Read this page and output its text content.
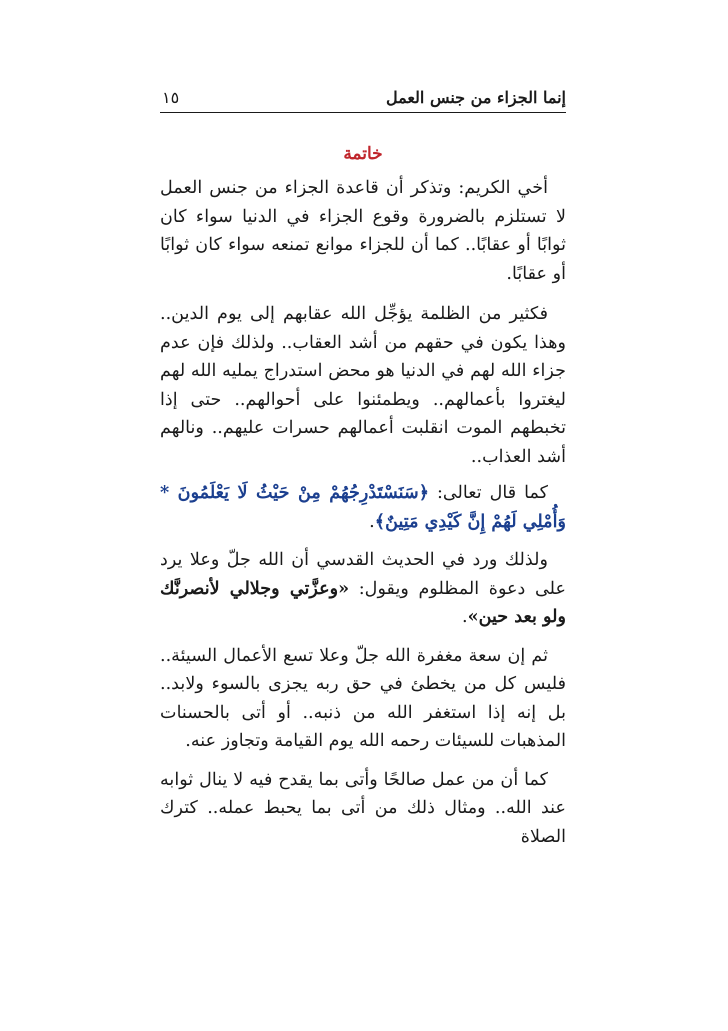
إنما الجزاء من جنس العمل
١٥
خاتمة

أخي الكريم: وتذكر أن قاعدة الجزاء من جنس العمل لا تستلزم بالضرورة وقوع الجزاء في الدنيا سواء كان ثوابًا أو عقابًا.. كما أن للجزاء موانع تمنعه سواء كان ثوابًا أو عقابًا.

فكثير من الظلمة يؤجِّل الله عقابهم إلى يوم الدين.. وهذا يكون في حقهم من أشد العقاب.. ولذلك فإن عدم جزاء الله لهم في الدنيا هو محض استدراج يمليه الله لهم ليغتروا بأعمالهم.. ويطمئنوا على أحوالهم.. حتى إذا تخبطهم الموت انقلبت أعمالهم حسرات عليهم.. ونالهم أشد العذاب..

كما قال تعالى: ﴿سَنَسْتَدْرِجُهُمْ مِنْ حَيْثُ لَا يَعْلَمُونَ * وَأُمْلِي لَهُمْ إِنَّ كَيْدِي مَتِينٌ﴾.

ولذلك ورد في الحديث القدسي أن الله جلّ وعلا يرد على دعوة المظلوم ويقول: «وعزَّتي وجلالي لأنصرنَّك ولو بعد حين».

ثم إن سعة مغفرة الله جلّ وعلا تسع الأعمال السيئة.. فليس كل من يخطئ في حق ربه يجزى بالسوء ولابد.. بل إنه إذا استغفر الله من ذنبه.. أو أتى بالحسنات المذهبات للسيئات رحمه الله يوم القيامة وتجاوز عنه.

كما أن من عمل صالحًا وأتى بما يقدح فيه لا ينال ثوابه عند الله.. ومثال ذلك من أتى بما يحبط عمله.. كترك الصلاة
